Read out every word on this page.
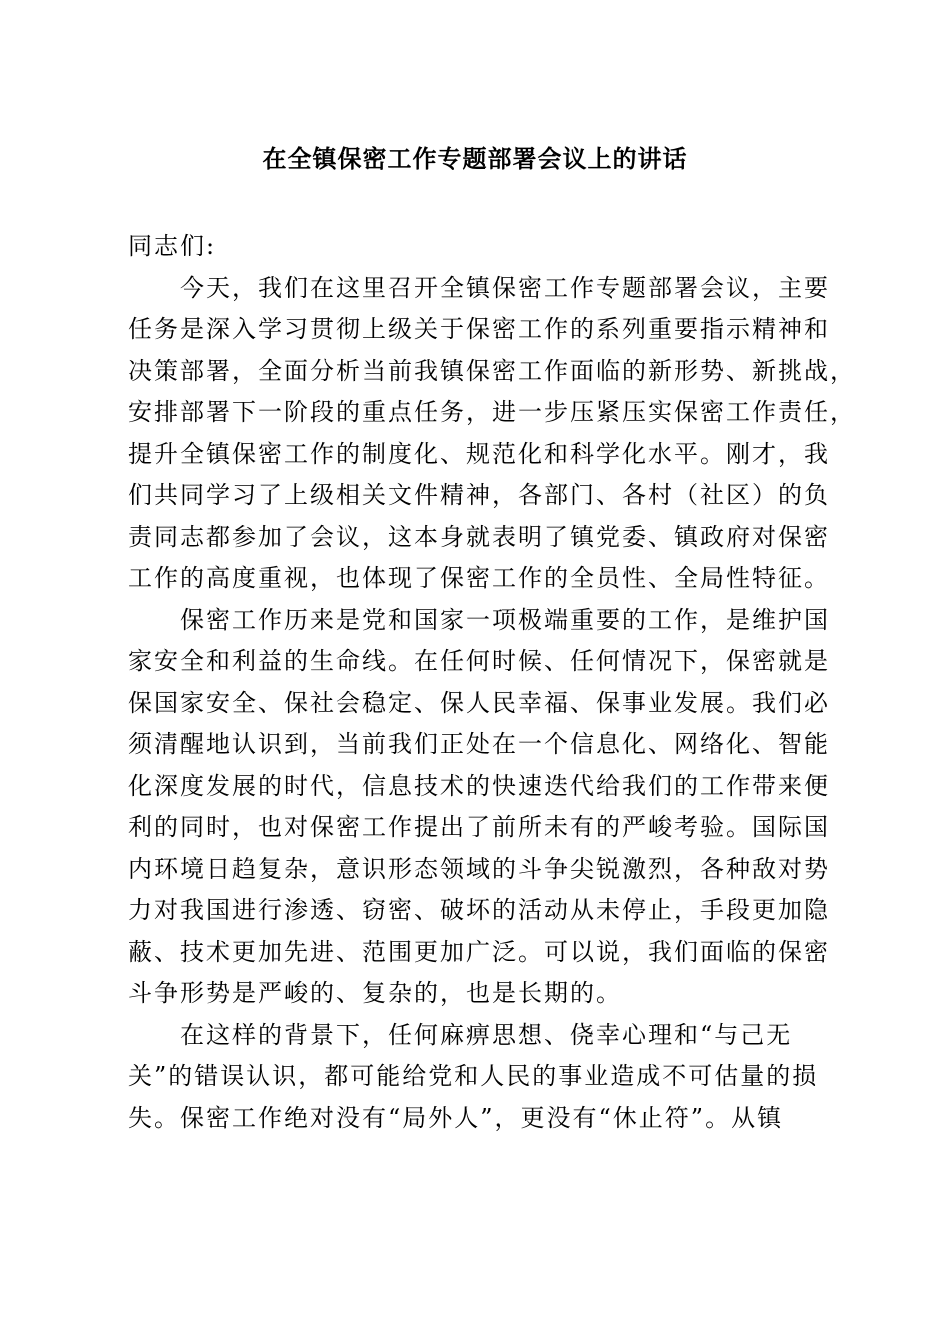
在全镇保密工作专题部署会议上的讲话
同志们:
今天，我们在这里召开全镇保密工作专题部署会议，主要
任务是深入学习贯彻上级关于保密工作的系列重要指示精神和
决策部署，全面分析当前我镇保密工作面临的新形势、新挑战，
安排部署下一阶段的重点任务，进一步压紧压实保密工作责任，
提升全镇保密工作的制度化、规范化和科学化水平。刚才，我
们共同学习了上级相关文件精神，各部门、各村（社区）的负
责同志都参加了会议，这本身就表明了镇党委、镇政府对保密
工作的高度重视，也体现了保密工作的全员性、全局性特征。
保密工作历来是党和国家一项极端重要的工作，是维护国
家安全和利益的生命线。在任何时候、任何情况下，保密就是
保国家安全、保社会稳定、保人民幸福、保事业发展。我们必
须清醒地认识到，当前我们正处在一个信息化、网络化、智能
化深度发展的时代，信息技术的快速迭代给我们的工作带来便
利的同时，也对保密工作提出了前所未有的严峻考验。国际国
内环境日趋复杂，意识形态领域的斗争尖锐激烈，各种敌对势
力对我国进行渗透、窃密、破坏的活动从未停止，手段更加隐
蔽、技术更加先进、范围更加广泛。可以说，我们面临的保密
斗争形势是严峻的、复杂的，也是长期的。
在这样的背景下，任何麻痹思想、侥幸心理和“与己无
关”的错误认识，都可能给党和人民的事业造成不可估量的损
失。保密工作绝对没有“局外人”，更没有“休止符”。从镇
